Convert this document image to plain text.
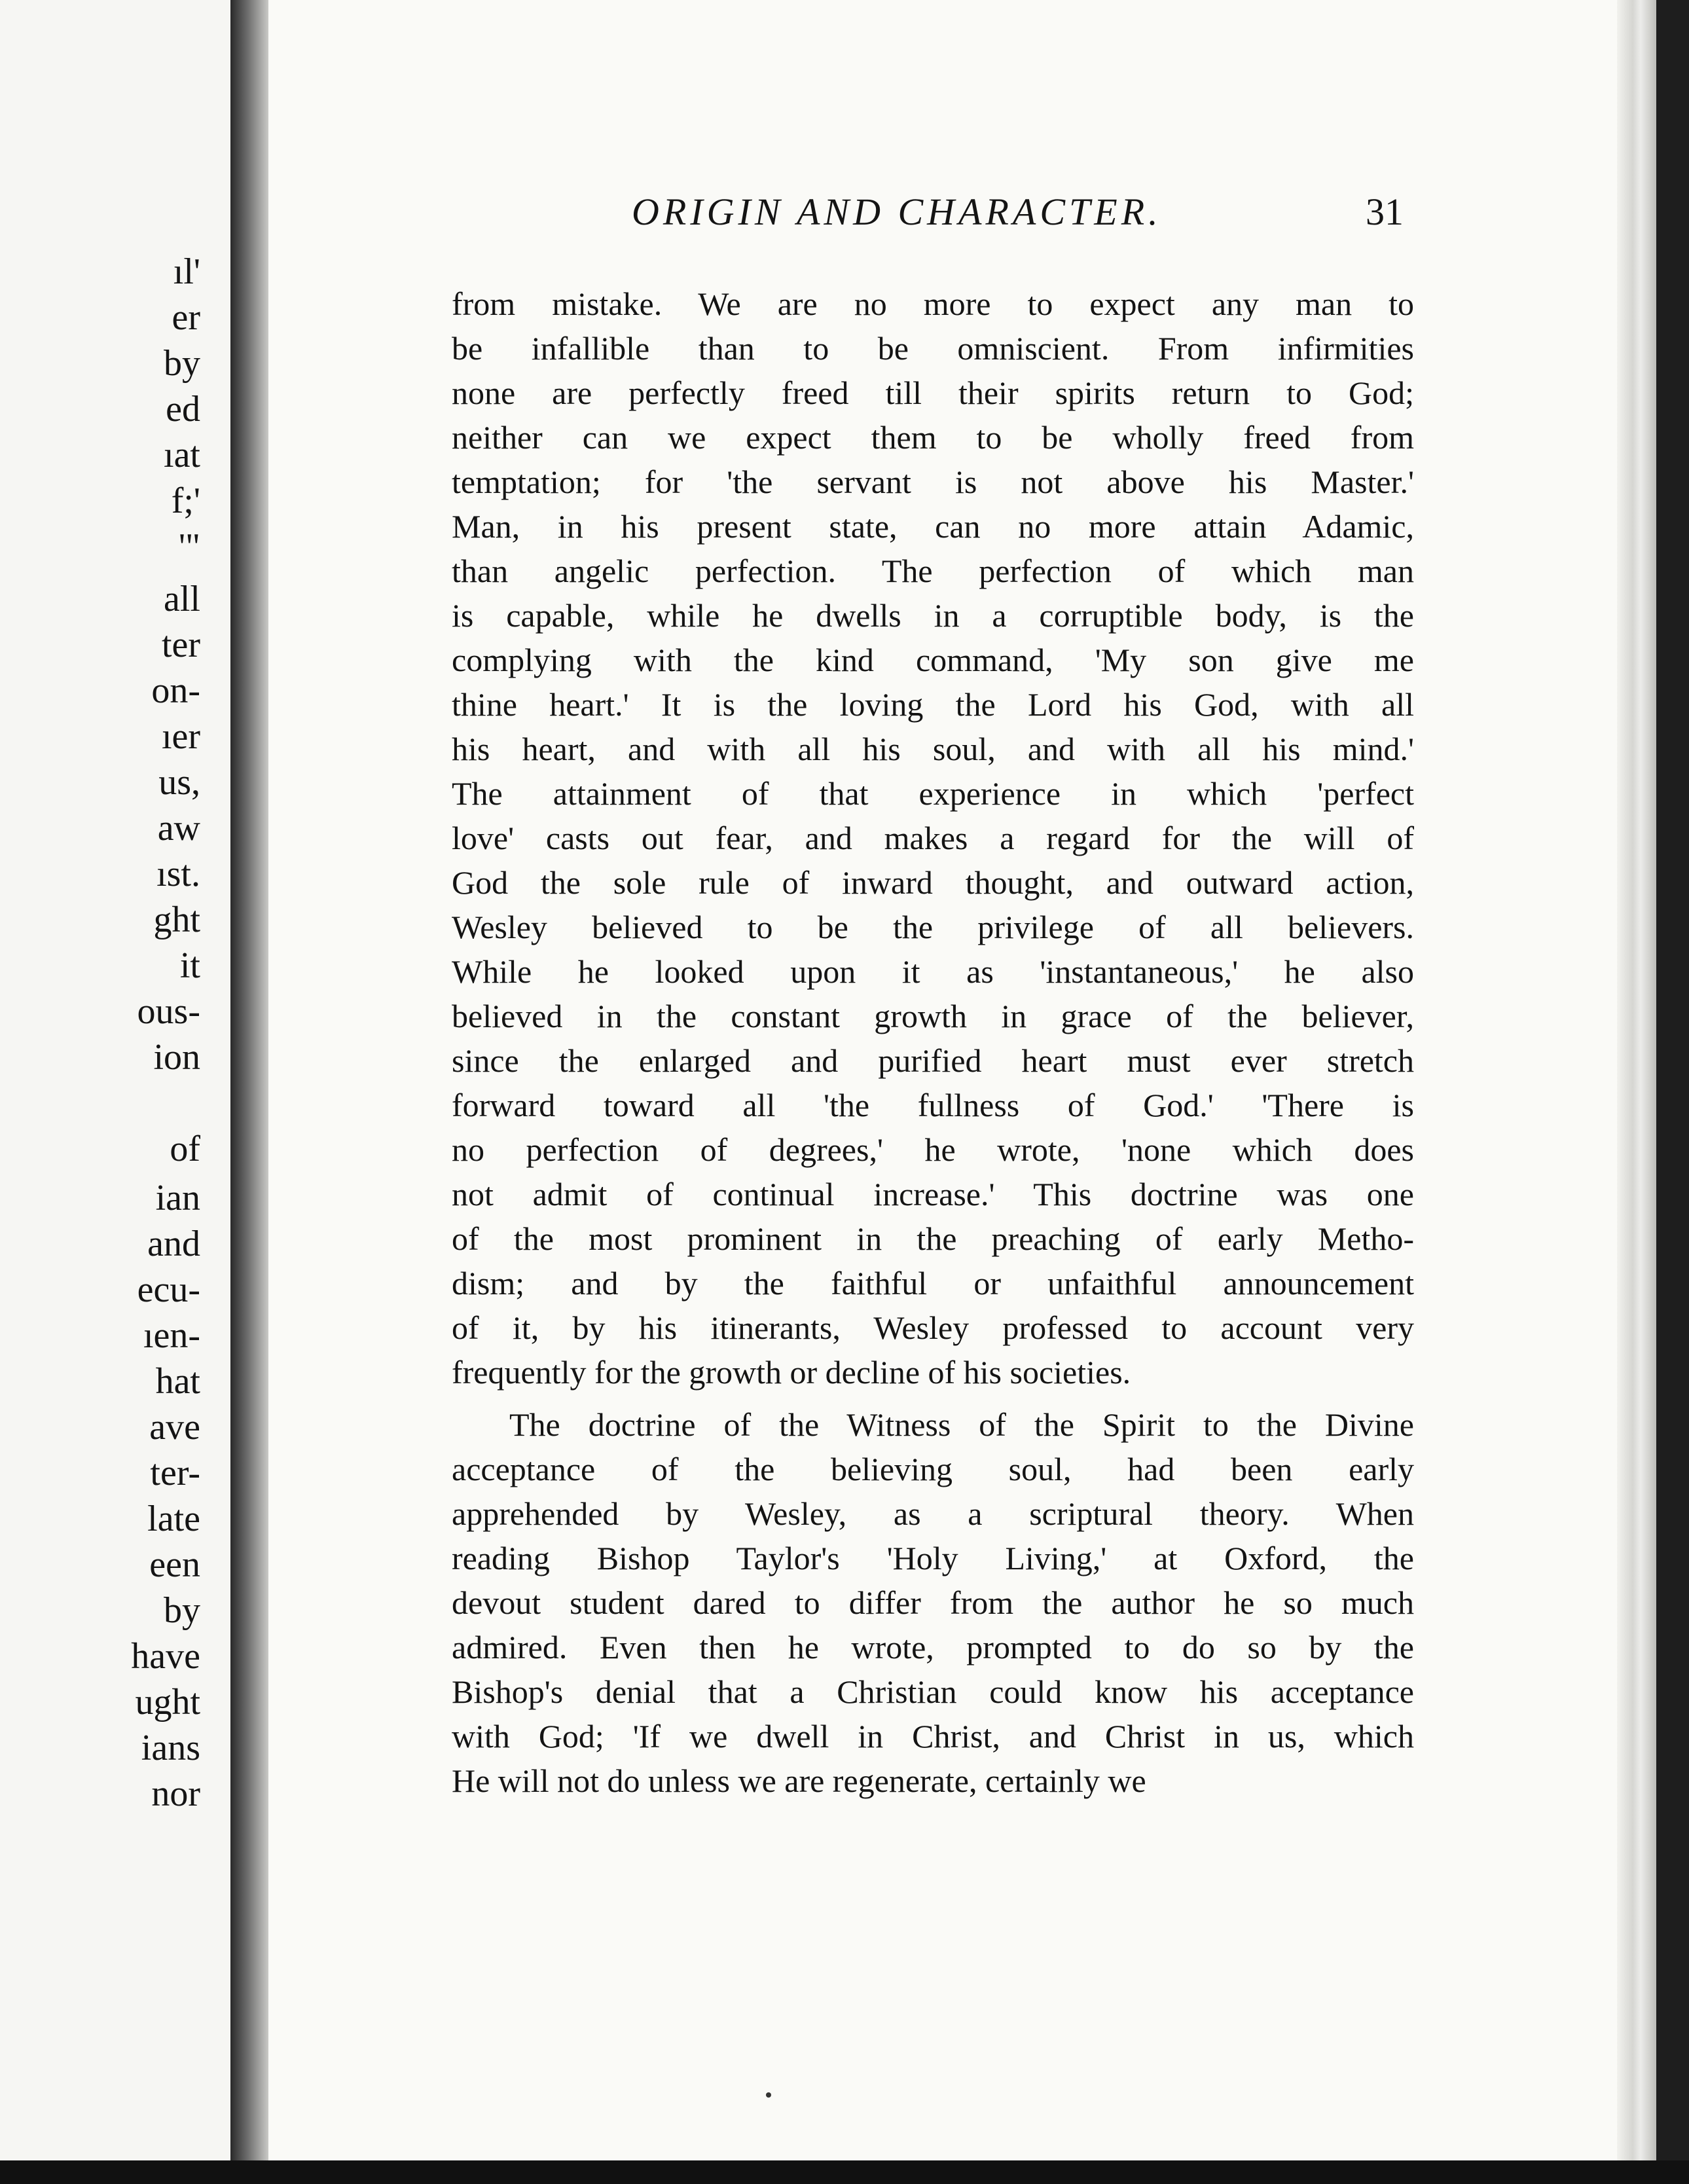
ıl'
er
by
ed
ıat
f;'
'"
all
ter
on-
ıer
us,
aw
ıst.
ght
it
ous-
ion
of
ian
and
ecu-
ıen-
hat
ave
ter-
late
een
by
have
ught
ians
nor
ORIGIN AND CHARACTER.	31
from mistake. We are no more to expect any man to
be infallible than to be omniscient. From infirmities
none are perfectly freed till their spirits return to God;
neither can we expect them to be wholly freed from
temptation; for 'the servant is not above his Master.'
Man, in his present state, can no more attain Adamic,
than angelic perfection. The perfection of which man
is capable, while he dwells in a corruptible body, is the
complying with the kind command, 'My son give me
thine heart.' It is the loving the Lord his God, with all
his heart, and with all his soul, and with all his mind.'
The attainment of that experience in which 'perfect
love' casts out fear, and makes a regard for the will of
God the sole rule of inward thought, and outward action,
Wesley believed to be the privilege of all believers.
While he looked upon it as 'instantaneous,' he also
believed in the constant growth in grace of the believer,
since the enlarged and purified heart must ever stretch
forward toward all 'the fullness of God.' 'There is
no perfection of degrees,' he wrote, 'none which does
not admit of continual increase.' This doctrine was one
of the most prominent in the preaching of early Metho-
dism; and by the faithful or unfaithful announcement
of it, by his itinerants, Wesley professed to account very
frequently for the growth or decline of his societies.
The doctrine of the Witness of the Spirit to the Divine
acceptance of the believing soul, had been early
apprehended by Wesley, as a scriptural theory. When
reading Bishop Taylor's 'Holy Living,' at Oxford, the
devout student dared to differ from the author he so much
admired. Even then he wrote, prompted to do so by the
Bishop's denial that a Christian could know his acceptance
with God; 'If we dwell in Christ, and Christ in us, which
He will not do unless we are regenerate, certainly we
